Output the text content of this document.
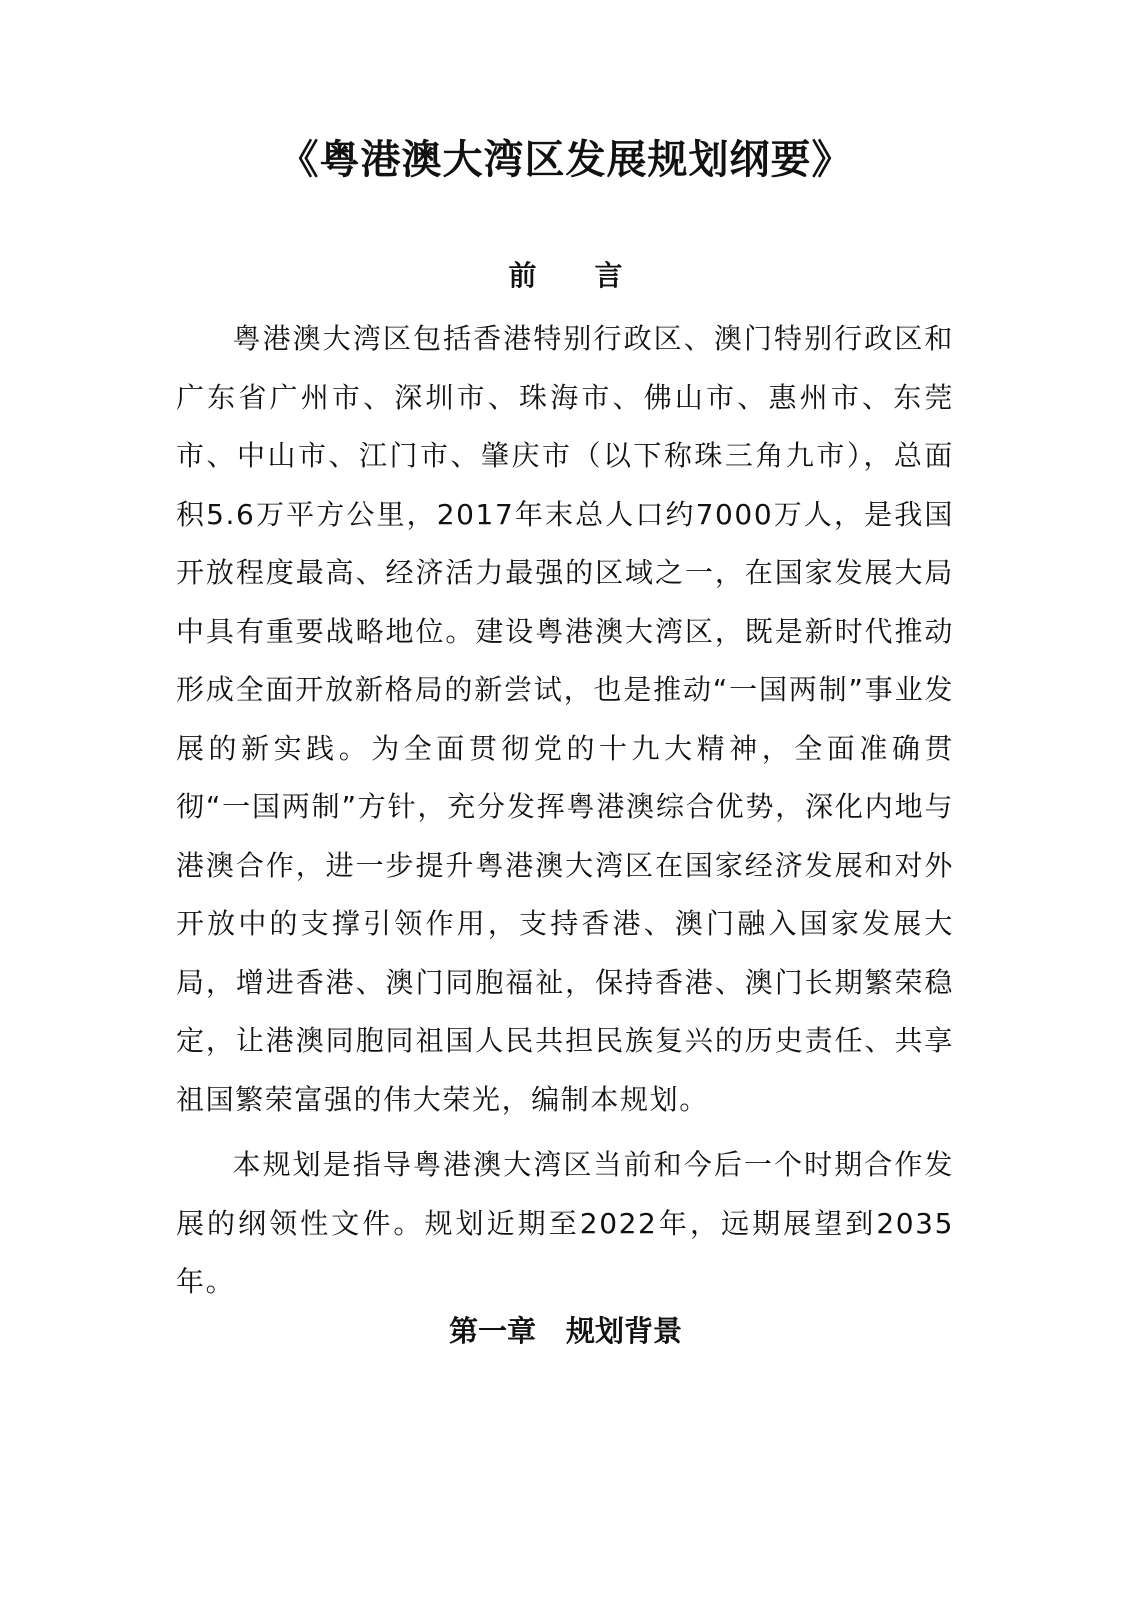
《粤港澳大湾区发展规划纲要》
前 言

粤港澳大湾区包括香港特别行政区、澳门特别行政区和广东省广州市、深圳市、珠海市、佛山市、惠州市、东莞市、中山市、江门市、肇庆市（以下称珠三角九市），总面积5.6万平方公里，2017年末总人口约7000万人，是我国开放程度最高、经济活力最强的区域之一，在国家发展大局中具有重要战略地位。建设粤港澳大湾区，既是新时代推动形成全面开放新格局的新尝试，也是推动“一国两制”事业发展的新实践。为全面贯彻党的十九大精神，全面准确贯彻“一国两制”方针，充分发挥粤港澳综合优势，深化内地与港澳合作，进一步提升粤港澳大湾区在国家经济发展和对外开放中的支撑引领作用，支持香港、澳门融入国家发展大局，增进香港、澳门同胞福祉，保持香港、澳门长期繁荣稳定，让港澳同胞同祖国人民共担民族复兴的历史责任、共享祖国繁荣富强的伟大荣光，编制本规划。

本规划是指导粤港澳大湾区当前和今后一个时期合作发展的纲领性文件。规划近期至2022年，远期展望到2035年。

第一章 规划背景
